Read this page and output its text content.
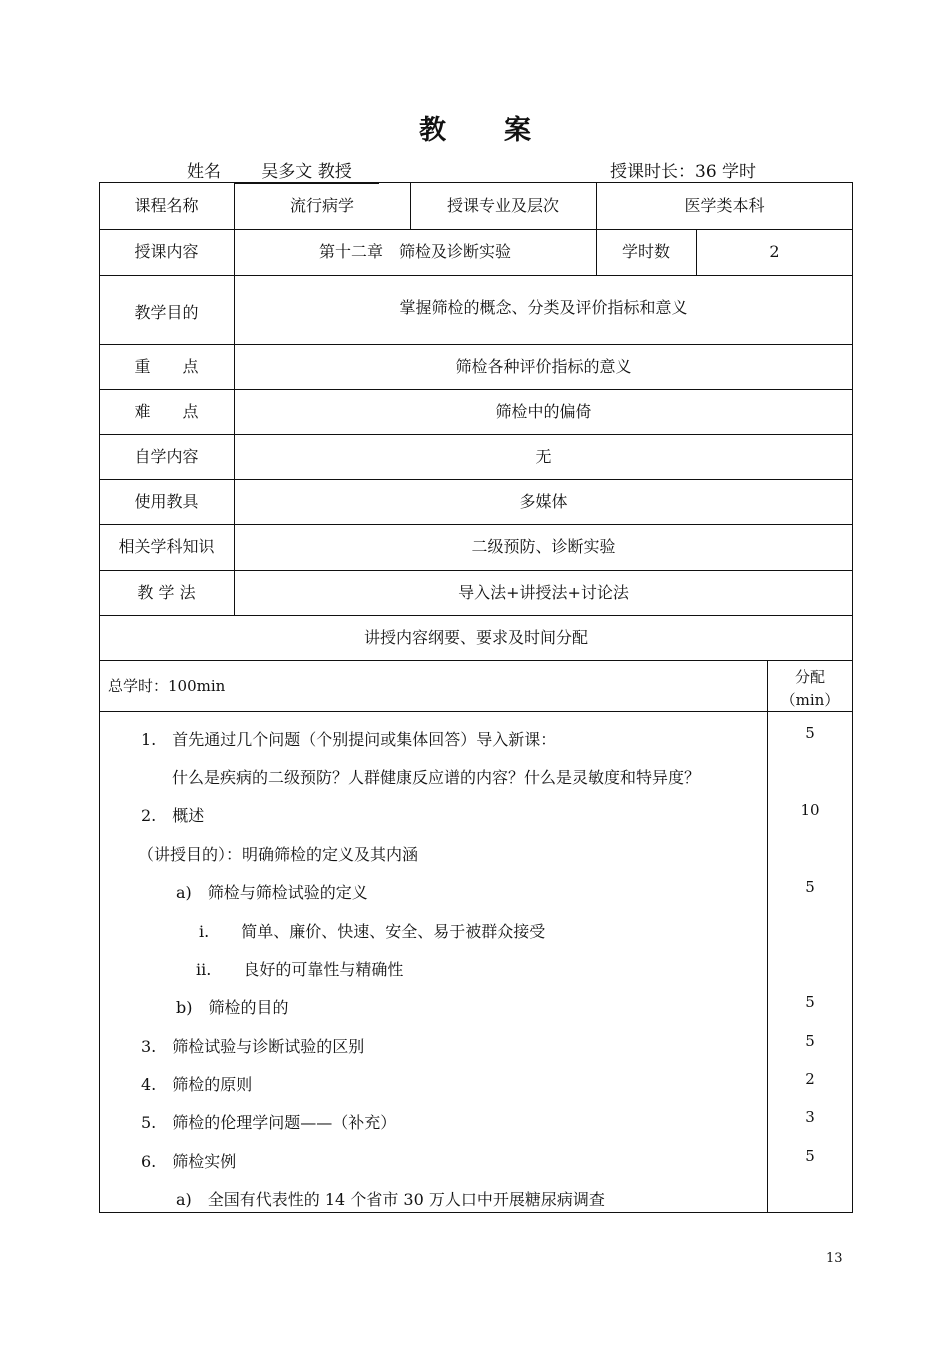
教 案
姓名	吴多文 教授	授课时长：36 学时
课程名称	流行病学	授课专业及层次	医学类本科
授课内容	第十二章　筛检及诊断实验	学时数	2
教学目的	掌握筛检的概念、分类及评价指标和意义
重　　点	筛检各种评价指标的意义
难　　点	筛检中的偏倚
自学内容	无
使用教具	多媒体
相关学科知识	二级预防、诊断实验
教 学 法	导入法+讲授法+讨论法
讲授内容纲要、要求及时间分配
总学时：100min	分配
（min）
1.　首先通过几个问题（个别提问或集体回答）导入新课：	5
什么是疾病的二级预防？人群健康反应谱的内容？什么是灵敏度和特异度？
2.　概述	10
（讲授目的）：明确筛检的定义及其内涵
a)　筛检与筛检试验的定义	5
i.　　简单、廉价、快速、安全、易于被群众接受
ii.　　良好的可靠性与精确性
b)　筛检的目的	5
3.　筛检试验与诊断试验的区别	5
4.　筛检的原则	2
5.　筛检的伦理学问题——（补充）	3
6.　筛检实例	5
a)　全国有代表性的 14 个省市 30 万人口中开展糖尿病调查
13
